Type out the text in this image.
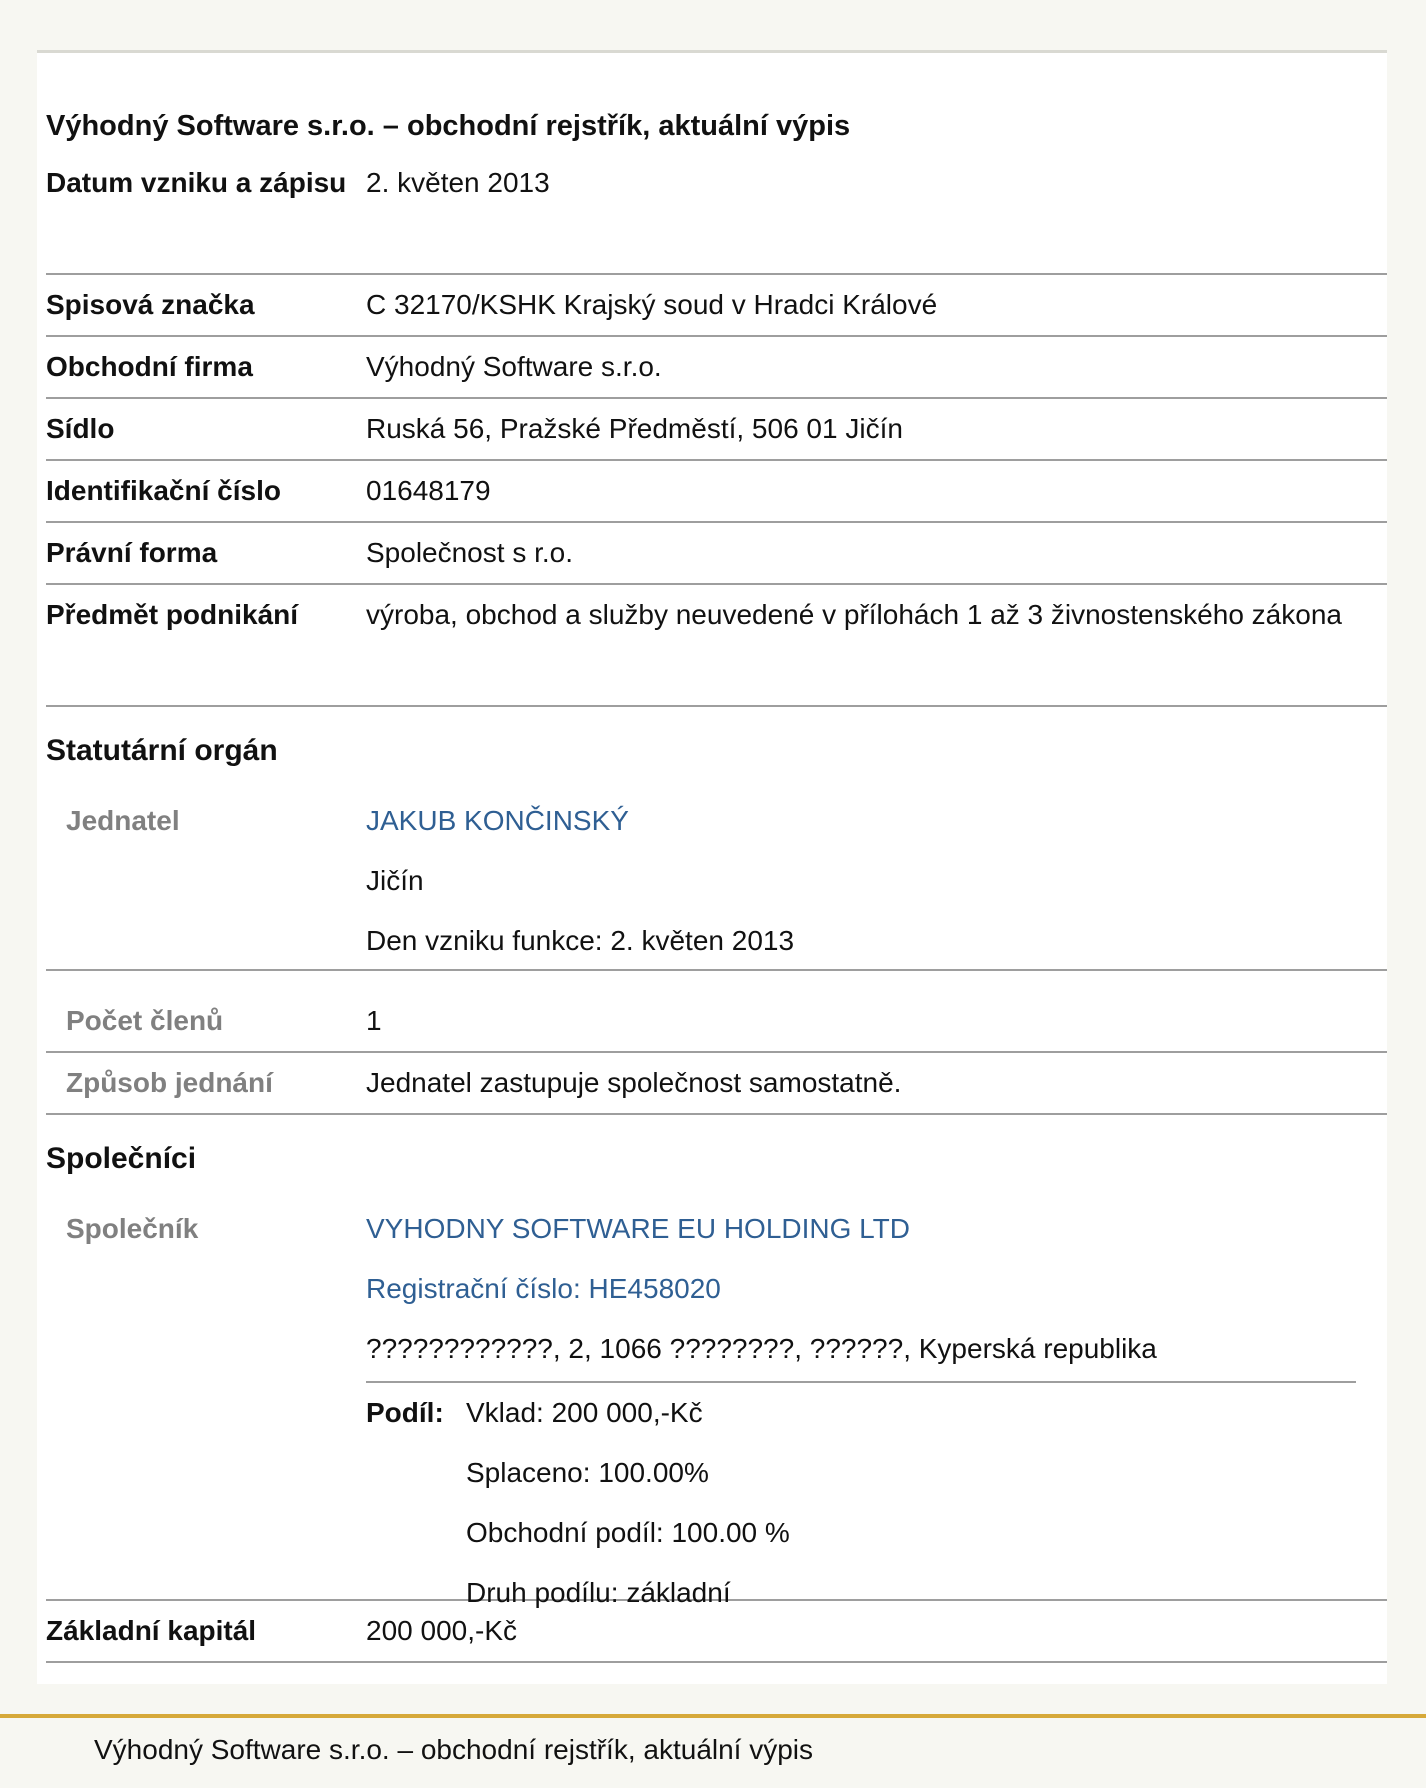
Výhodný Software s.r.o. – obchodní rejstřík, aktuální výpis
Datum vzniku a zápisu 2. květen 2013
Spisová značka	C 32170/KSHK Krajský soud v Hradci Králové
Obchodní firma	Výhodný Software s.r.o.
Sídlo	Ruská 56, Pražské Předměstí, 506 01 Jičín
Identifikační číslo	01648179
Právní forma	Společnost s r.o.
Předmět podnikání	výroba, obchod a služby neuvedené v přílohách 1 až 3 živnostenského zákona
Statutární orgán
Jednatel	JAKUB KONČINSKÝ
Jičín
Den vzniku funkce: 2. květen 2013
Počet členů	1
Způsob jednání	Jednatel zastupuje společnost samostatně.
Společníci
Společník	VYHODNY SOFTWARE EU HOLDING LTD
Registrační číslo: HE458020
????????????, 2, 1066 ????????, ??????, Kyperská republika
Podíl: Vklad: 200 000,-Kč
Splaceno: 100.00%
Obchodní podíl: 100.00 %
Druh podílu: základní
Základní kapitál	200 000,-Kč
Výhodný Software s.r.o. – obchodní rejstřík, aktuální výpis
